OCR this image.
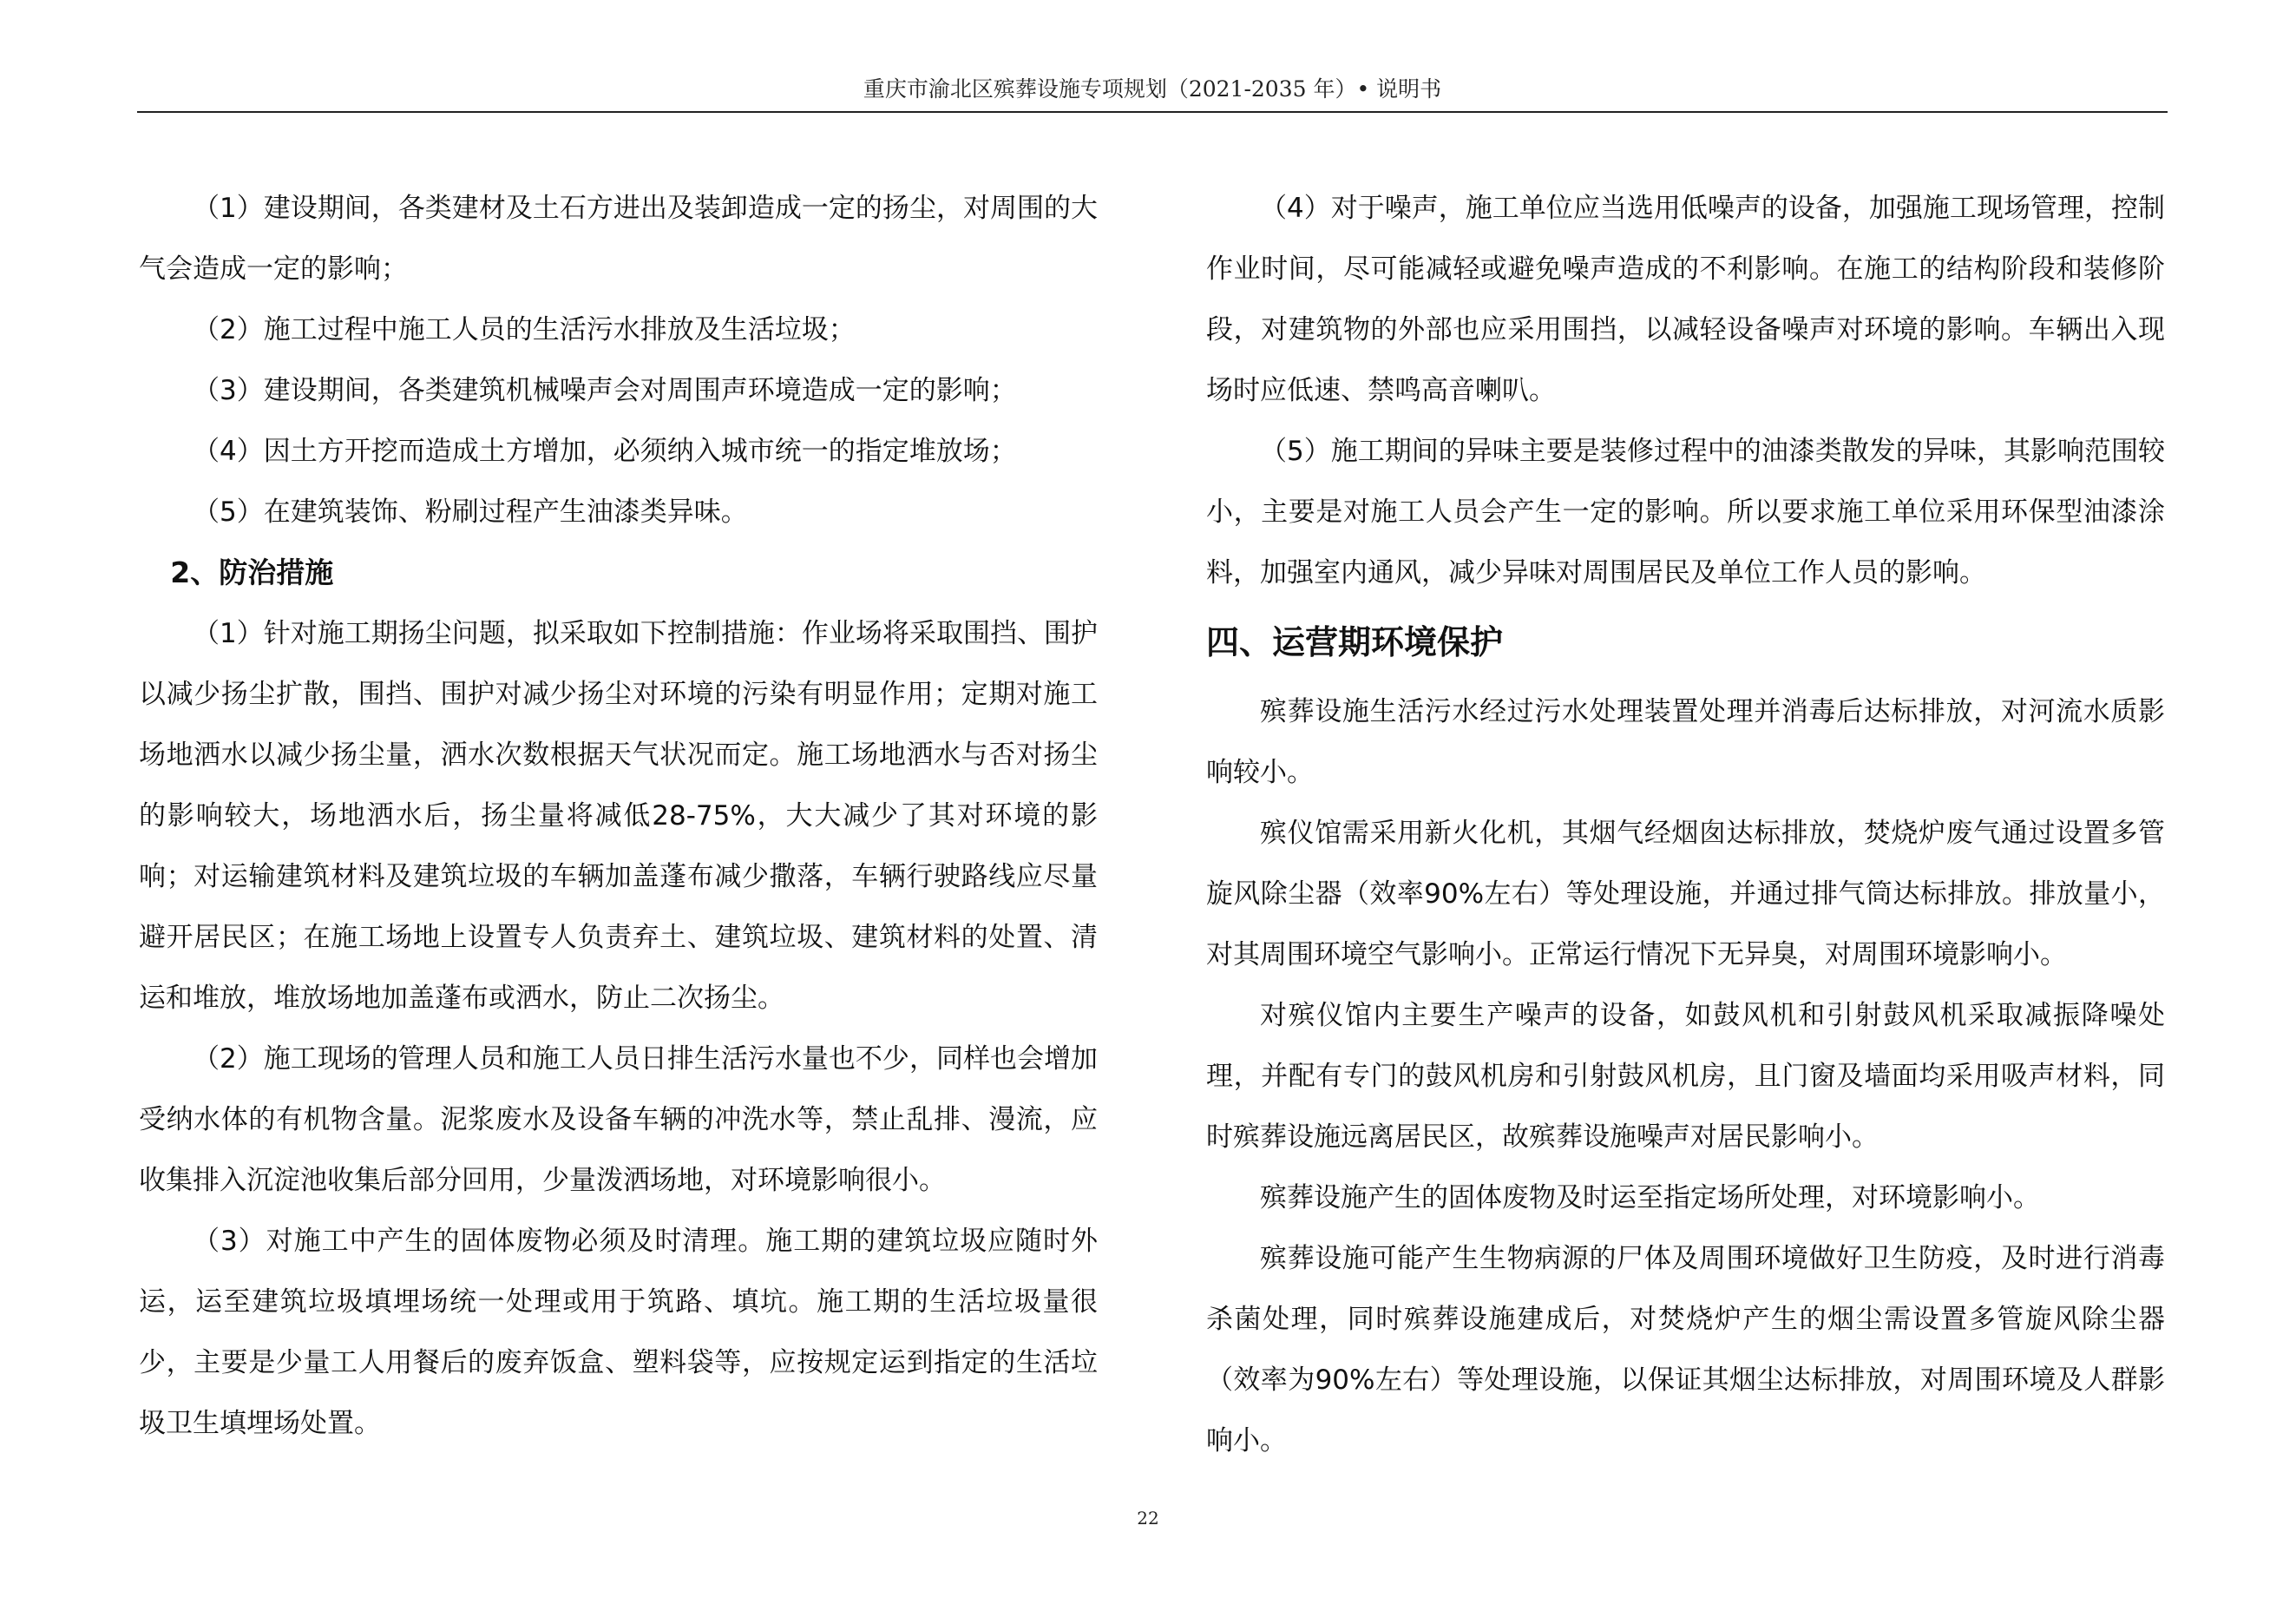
重庆市渝北区殡葬设施专项规划（2021-2035 年）• 说明书

（1）建设期间，各类建材及土石方进出及装卸造成一定的扬尘，对周围的大气会造成一定的影响；

（2）施工过程中施工人员的生活污水排放及生活垃圾；

（3）建设期间，各类建筑机械噪声会对周围声环境造成一定的影响；

（4）因土方开挖而造成土方增加，必须纳入城市统一的指定堆放场；

（5）在建筑装饰、粉刷过程产生油漆类异味。

2、防治措施

（1）针对施工期扬尘问题，拟采取如下控制措施：作业场将采取围挡、围护以减少扬尘扩散，围挡、围护对减少扬尘对环境的污染有明显作用；定期对施工场地洒水以减少扬尘量，洒水次数根据天气状况而定。施工场地洒水与否对扬尘的影响较大，场地洒水后，扬尘量将减低28-75%，大大减少了其对环境的影响；对运输建筑材料及建筑垃圾的车辆加盖蓬布减少撒落，车辆行驶路线应尽量避开居民区；在施工场地上设置专人负责弃土、建筑垃圾、建筑材料的处置、清运和堆放，堆放场地加盖蓬布或洒水，防止二次扬尘。

（2）施工现场的管理人员和施工人员日排生活污水量也不少，同样也会增加受纳水体的有机物含量。泥浆废水及设备车辆的冲洗水等，禁止乱排、漫流，应收集排入沉淀池收集后部分回用，少量泼洒场地，对环境影响很小。

（3）对施工中产生的固体废物必须及时清理。施工期的建筑垃圾应随时外运，运至建筑垃圾填埋场统一处理或用于筑路、填坑。施工期的生活垃圾量很少，主要是少量工人用餐后的废弃饭盒、塑料袋等，应按规定运到指定的生活垃圾卫生填埋场处置。

（4）对于噪声，施工单位应当选用低噪声的设备，加强施工现场管理，控制作业时间，尽可能减轻或避免噪声造成的不利影响。在施工的结构阶段和装修阶段，对建筑物的外部也应采用围挡，以减轻设备噪声对环境的影响。车辆出入现场时应低速、禁鸣高音喇叭。

（5）施工期间的异味主要是装修过程中的油漆类散发的异味，其影响范围较小，主要是对施工人员会产生一定的影响。所以要求施工单位采用环保型油漆涂料，加强室内通风，减少异味对周围居民及单位工作人员的影响。

四、运营期环境保护

殡葬设施生活污水经过污水处理装置处理并消毒后达标排放，对河流水质影响较小。

殡仪馆需采用新火化机，其烟气经烟囱达标排放，焚烧炉废气通过设置多管旋风除尘器（效率90%左右）等处理设施，并通过排气筒达标排放。排放量小，对其周围环境空气影响小。正常运行情况下无异臭，对周围环境影响小。

对殡仪馆内主要生产噪声的设备，如鼓风机和引射鼓风机采取减振降噪处理，并配有专门的鼓风机房和引射鼓风机房，且门窗及墙面均采用吸声材料，同时殡葬设施远离居民区，故殡葬设施噪声对居民影响小。

殡葬设施产生的固体废物及时运至指定场所处理，对环境影响小。

殡葬设施可能产生生物病源的尸体及周围环境做好卫生防疫，及时进行消毒杀菌处理，同时殡葬设施建成后，对焚烧炉产生的烟尘需设置多管旋风除尘器（效率为90%左右）等处理设施，以保证其烟尘达标排放，对周围环境及人群影响小。

22
